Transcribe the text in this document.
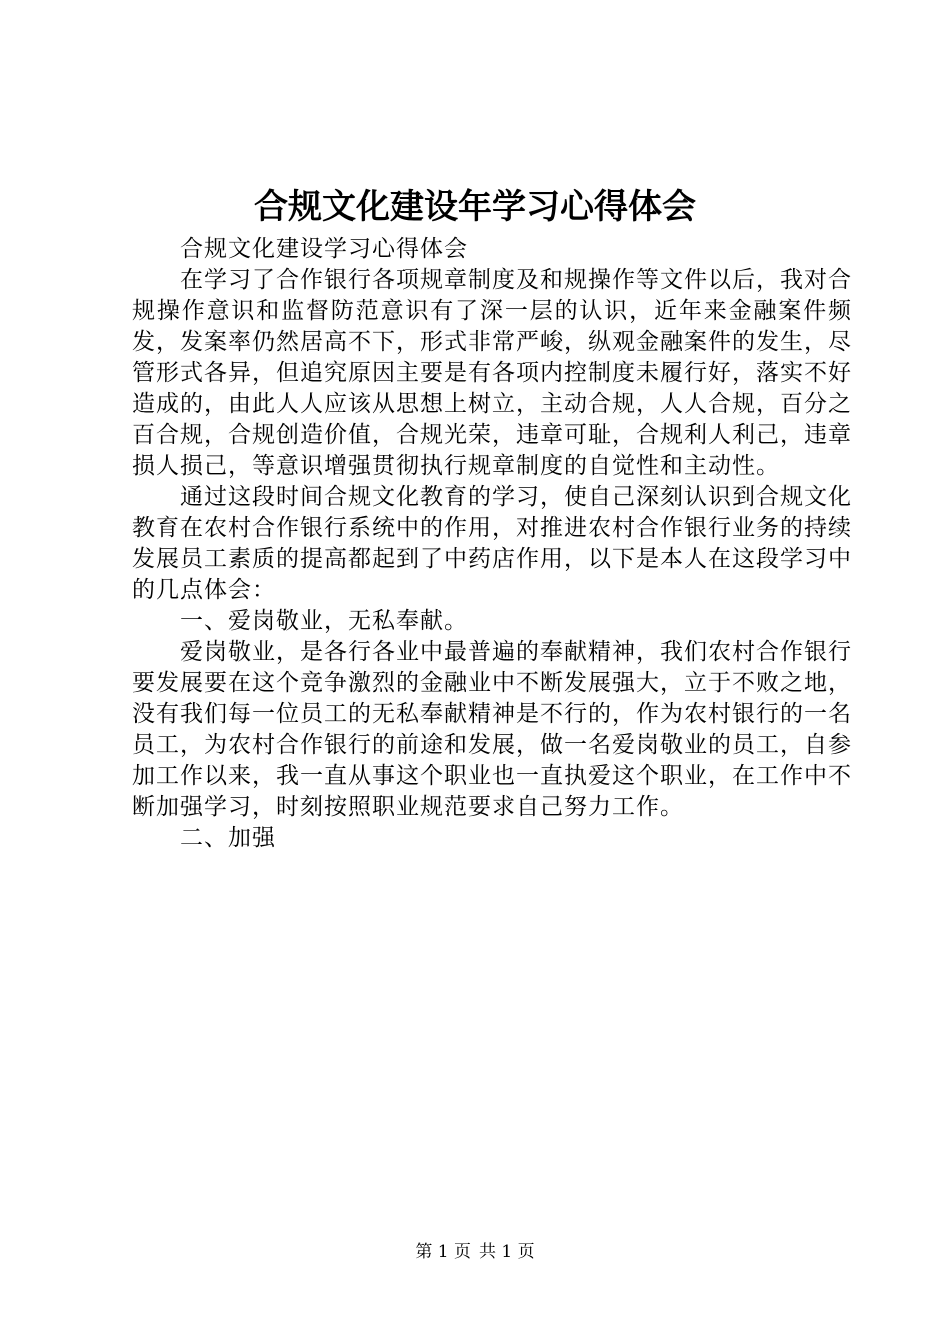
合规文化建设年学习心得体会

合规文化建设学习心得体会

在学习了合作银行各项规章制度及和规操作等文件以后，我对合规操作意识和监督防范意识有了深一层的认识，近年来金融案件频发，发案率仍然居高不下，形式非常严峻，纵观金融案件的发生，尽管形式各异，但追究原因主要是有各项内控制度未履行好，落实不好造成的，由此人人应该从思想上树立，主动合规，人人合规，百分之百合规，合规创造价值，合规光荣，违章可耻，合规利人利己，违章损人损己，等意识增强贯彻执行规章制度的自觉性和主动性。

通过这段时间合规文化教育的学习，使自己深刻认识到合规文化教育在农村合作银行系统中的作用，对推进农村合作银行业务的持续发展员工素质的提高都起到了中药店作用，以下是本人在这段学习中的几点体会：

一、爱岗敬业，无私奉献。

爱岗敬业，是各行各业中最普遍的奉献精神，我们农村合作银行要发展要在这个竞争激烈的金融业中不断发展强大，立于不败之地，没有我们每一位员工的无私奉献精神是不行的，作为农村银行的一名员工，为农村合作银行的前途和发展，做一名爱岗敬业的员工，自参加工作以来，我一直从事这个职业也一直执爱这个职业，在工作中不断加强学习，时刻按照职业规范要求自己努力工作。

二、加强

第 1 页 共 1 页
